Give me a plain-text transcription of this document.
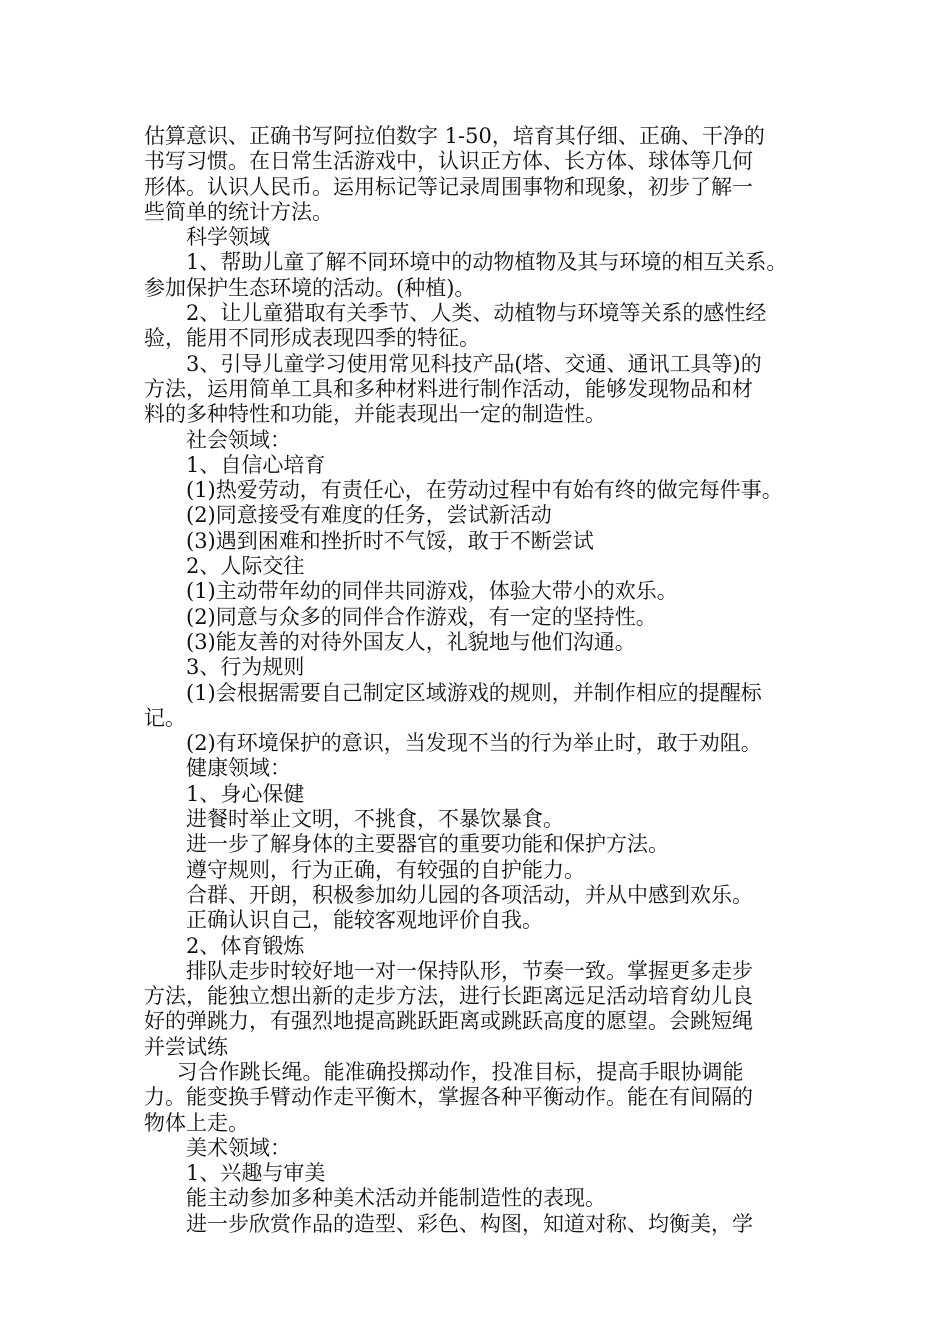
估算意识、正确书写阿拉伯数字 1-50，培育其仔细、正确、干净的
书写习惯。在日常生活游戏中，认识正方体、长方体、球体等几何
形体。认识人民币。运用标记等记录周围事物和现象，初步了解一
些简单的统计方法。
科学领域
1、帮助儿童了解不同环境中的动物植物及其与环境的相互关系。
参加保护生态环境的活动。(种植)。
2、让儿童猎取有关季节、人类、动植物与环境等关系的感性经
验，能用不同形成表现四季的特征。
3、引导儿童学习使用常见科技产品(塔、交通、通讯工具等)的
方法，运用简单工具和多种材料进行制作活动，能够发现物品和材
料的多种特性和功能，并能表现出一定的制造性。
社会领域：
1、自信心培育
(1)热爱劳动，有责任心，在劳动过程中有始有终的做完每件事。
(2)同意接受有难度的任务，尝试新活动
(3)遇到困难和挫折时不气馁，敢于不断尝试
2、人际交往
(1)主动带年幼的同伴共同游戏，体验大带小的欢乐。
(2)同意与众多的同伴合作游戏，有一定的坚持性。
(3)能友善的对待外国友人，礼貌地与他们沟通。
3、行为规则
(1)会根据需要自己制定区域游戏的规则，并制作相应的提醒标
记。
(2)有环境保护的意识，当发现不当的行为举止时，敢于劝阻。
健康领域：
1、身心保健
进餐时举止文明，不挑食，不暴饮暴食。
进一步了解身体的主要器官的重要功能和保护方法。
遵守规则，行为正确，有较强的自护能力。
合群、开朗，积极参加幼儿园的各项活动，并从中感到欢乐。
正确认识自己，能较客观地评价自我。
2、体育锻炼
排队走步时较好地一对一保持队形，节奏一致。掌握更多走步
方法，能独立想出新的走步方法，进行长距离远足活动培育幼儿良
好的弹跳力，有强烈地提高跳跃距离或跳跃高度的愿望。会跳短绳
并尝试练
习合作跳长绳。能准确投掷动作，投准目标，提高手眼协调能
力。能变换手臂动作走平衡木，掌握各种平衡动作。能在有间隔的
物体上走。
美术领域：
1、兴趣与审美
能主动参加多种美术活动并能制造性的表现。
进一步欣赏作品的造型、彩色、构图，知道对称、均衡美，学
